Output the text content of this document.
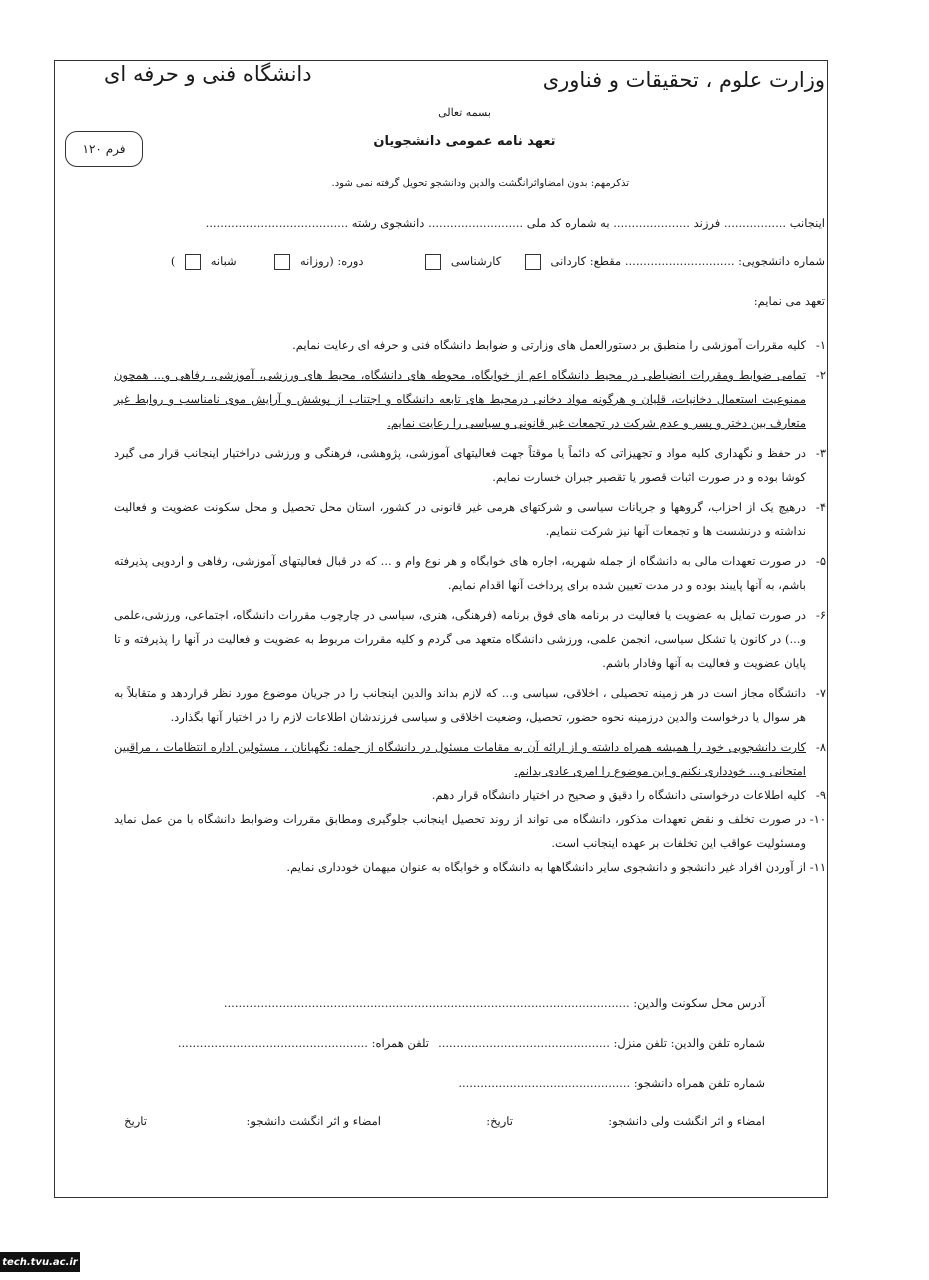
وزارت علوم ، تحقیقات و فناوری
دانشگاه فنی و حرفه ای
بسمه تعالی
تعهد نامه عمومی دانشجویان
فرم ۱۲۰
تذکرمهم: بدون امضاواثرانگشت والدین ودانشجو تحویل گرفته نمی شود.
اینجانب ................. فرزند ..................... به شماره کد ملی .......................... دانشجوی رشته .......................................
شماره دانشجویی: .............................. مقطع: کاردانی  کارشناسی  دوره: (روزانه  شبانه  )
تعهد می نمایم:

۱-
کلیه مقررات آموزشی را منطبق بر دستورالعمل های وزارتی و ضوابط دانشگاه فنی و حرفه ای رعایت نمایم.

۲-
تمامی ضوابط ومقررات انضباطی در محیط دانشگاه اعم از خوابگاه، محوطه های دانشگاه، محیط های ورزشی، آموزشی، رفاهی و... همچون ممنوعیت استعمال دخانیات، قلیان و هرگونه مواد دخانی درمحیط های تابعه دانشگاه و اجتناب از پوشش و آرایش موی نامناسب و روابط غیر متعارف بین دختر و پسر و عدم شرکت در تجمعات غیر قانونی و سیاسی را رعایت نمایم.

۳-
در حفظ و نگهداری کلیه مواد و تجهیزاتی که دائماً یا موقتاً جهت فعالیتهای آموزشی، پژوهشی، فرهنگی و ورزشی دراختیار اینجانب قرار می گیرد کوشا بوده و در صورت اثبات قصور یا تقصیر جبران خسارت نمایم.

۴-
درهیچ یک از احزاب، گروهها و جریانات سیاسی و شرکتهای هرمی غیر قانونی در کشور، استان محل تحصیل و محل سکونت عضویت و فعالیت نداشته و درنشست ها و تجمعات آنها نیز شرکت ننمایم.

۵-
در صورت تعهدات مالی به دانشگاه از جمله شهریه، اجاره های خوابگاه و هر نوع وام و ... که در قبال فعالیتهای آموزشی، رفاهی و اردویی پذیرفته باشم، به آنها پایبند بوده و در مدت تعیین شده برای پرداخت آنها اقدام نمایم.

۶-
در صورت تمایل به عضویت یا فعالیت در برنامه های فوق برنامه (فرهنگی، هنری، سیاسی در چارچوب مقررات دانشگاه، اجتماعی، ورزشی،علمی و...) در کانون یا تشکل سیاسی، انجمن علمی، ورزشی دانشگاه متعهد می گردم و کلیه مقررات مربوط به عضویت و فعالیت در آنها را پذیرفته و تا پایان عضویت و فعالیت به آنها وفادار باشم.

۷-
دانشگاه مجاز است در هر زمینه تحصیلی ، اخلاقی، سیاسی و... که لازم بداند والدین اینجانب را در جریان موضوع مورد نظر قراردهد و متقابلاً به هر سوال یا درخواست والدین درزمینه نحوه حضور، تحصیل، وضعیت اخلاقی و سیاسی فرزندشان اطلاعات لازم را در اختیار آنها بگذارد.

۸-
کارت دانشجویی خود را همیشه همراه داشته و از ارائه آن به مقامات مسئول در دانشگاه از جمله: نگهبانان ، مسئولین اداره انتظامات ، مراقبین امتحانی و... خودداری نکنم و این موضوع را امری عادی بدانم.

۹-
کلیه اطلاعات درخواستی دانشگاه را دقیق و صحیح در اختیار دانشگاه قرار دهم.

۱۰-
در صورت تخلف و نقض تعهدات مذکور، دانشگاه می تواند از روند تحصیل اینجانب جلوگیری ومطابق مقررات وضوابط دانشگاه با من عمل نماید ومسئولیت عواقب این تخلفات بر عهده اینجانب است.

۱۱-
از آوردن افراد غیر دانشجو و دانشجوی سایر دانشگاهها به دانشگاه و خوابگاه به عنوان میهمان خودداری نمایم.

آدرس محل سکونت والدین: ...............................................................................................................
شماره تلفن والدین: تلفن منزل: ...............................................
تلفن همراه: ....................................................
شماره تلفن همراه دانشجو: ...............................................
امضاء و اثر انگشت ولی دانشجو:
تاریخ:
امضاء و اثر انگشت دانشجو:
تاریخ
tech.tvu.ac.ir
